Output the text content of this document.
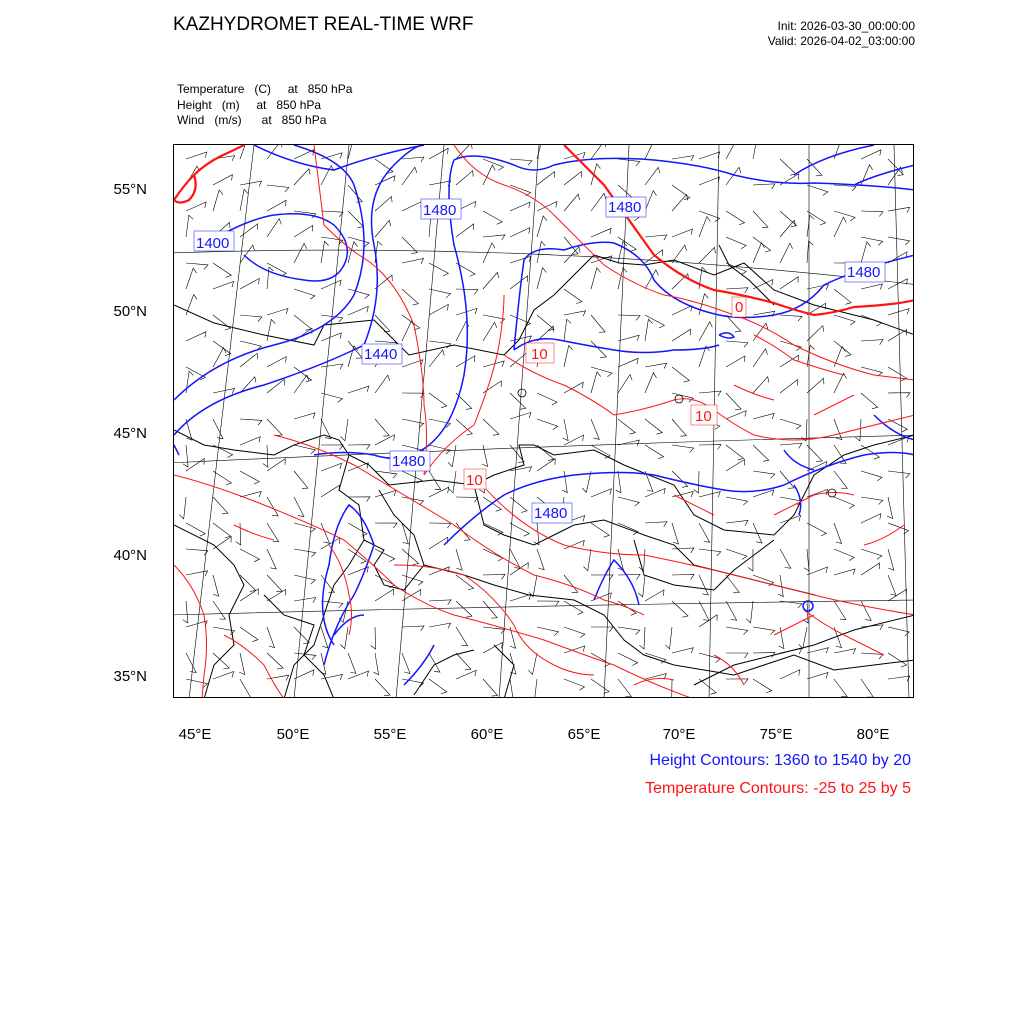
KAZHYDROMET REAL-TIME WRF	Init: 2026-03-30_00:00:00
Valid: 2026-04-02_03:00:00
Temperature   (C)     at   850 hPa
Height   (m)     at   850 hPa
Wind   (m/s)      at   850 hPa
1400
1480	1480
1480
1440
1480
1480
0
10
10
10
55°N
50°N
45°N
40°N
35°N
45°E	50°E	55°E	60°E	65°E	70°E	75°E	80°E
Height Contours: 1360 to 1540 by 20
Temperature Contours: -25 to 25 by 5
